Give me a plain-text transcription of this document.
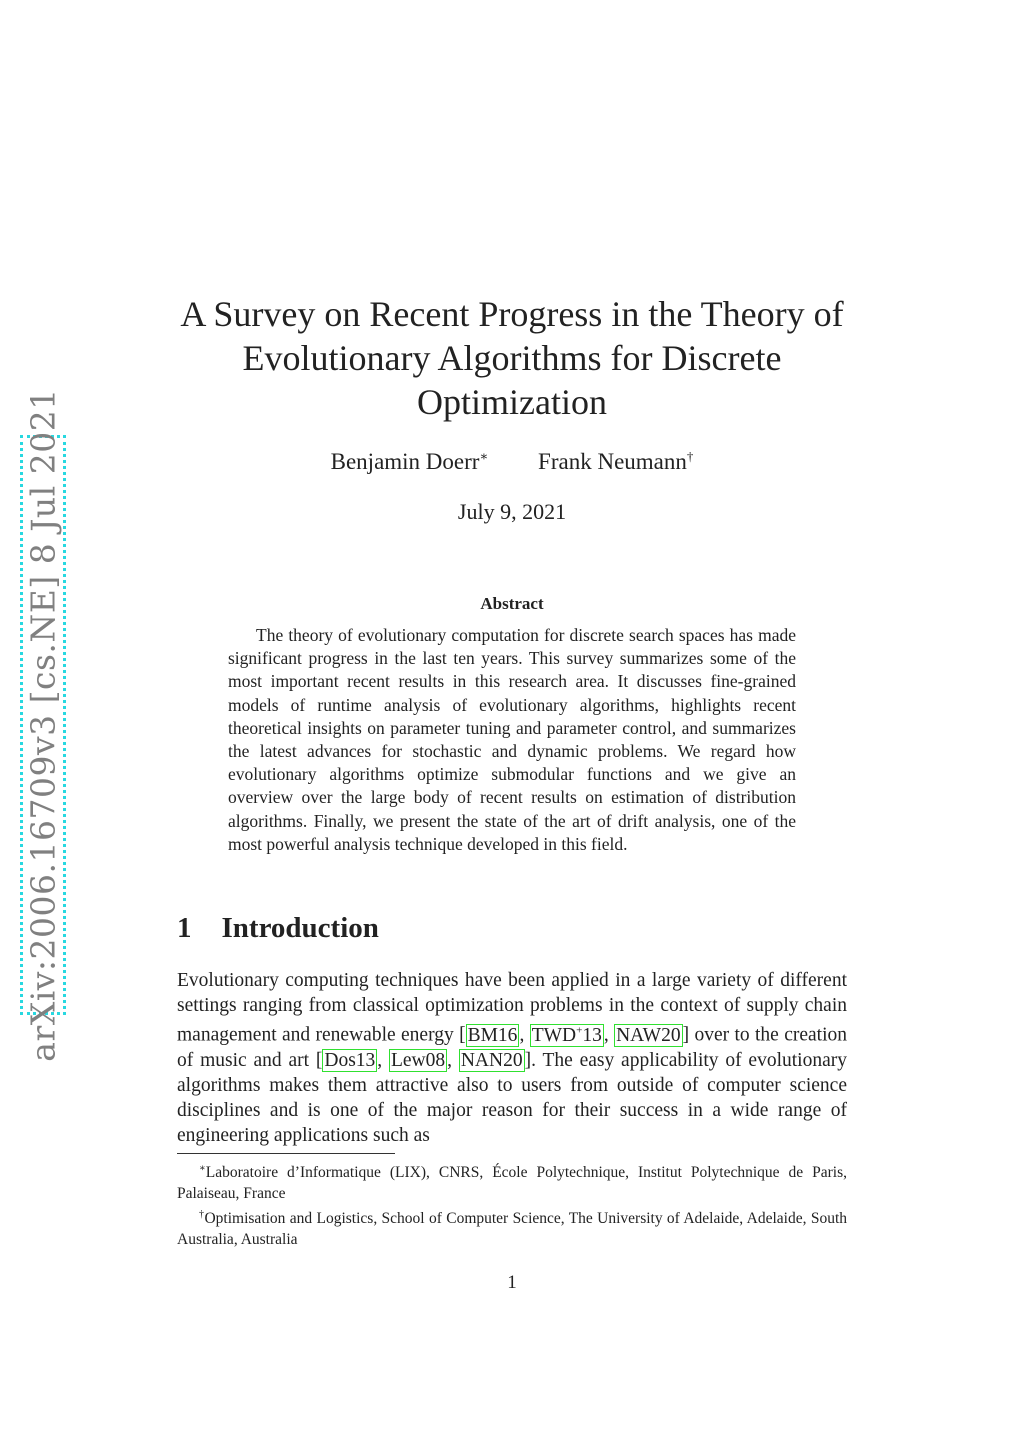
arXiv:2006.16709v3 [cs.NE] 8 Jul 2021
A Survey on Recent Progress in the Theory of
Evolutionary Algorithms for Discrete
Optimization
Benjamin Doerr∗ Frank Neumann†
July 9, 2021
Abstract
The theory of evolutionary computation for discrete search spaces has made significant progress in the last ten years. This survey summarizes some of the most important recent results in this research area. It discusses fine-grained models of runtime analysis of evolutionary algorithms, highlights recent theoretical insights on parameter tuning and parameter control, and summarizes the latest advances for stochastic and dynamic problems. We regard how evolutionary algorithms optimize submodular functions and we give an overview over the large body of recent results on estimation of distribution algorithms. Finally, we present the state of the art of drift analysis, one of the most powerful analysis technique developed in this field.
1 Introduction
Evolutionary computing techniques have been applied in a large variety of different settings ranging from classical optimization problems in the context of supply chain management and renewable energy [ BM16 , TWD+13 , NAW20 ] over to the creation of music and art [ Dos13 , Lew08 , NAN20 ]. The easy applicability of evolutionary algorithms makes them attractive also to users from outside of computer science disciplines and is one of the major reason for their success in a wide range of engineering applications such as

∗Laboratoire d’Informatique (LIX), CNRS, École Polytechnique, Institut Polytechnique de Paris, Palaiseau, France

†Optimisation and Logistics, School of Computer Science, The University of Adelaide, Adelaide, South Australia, Australia

1
